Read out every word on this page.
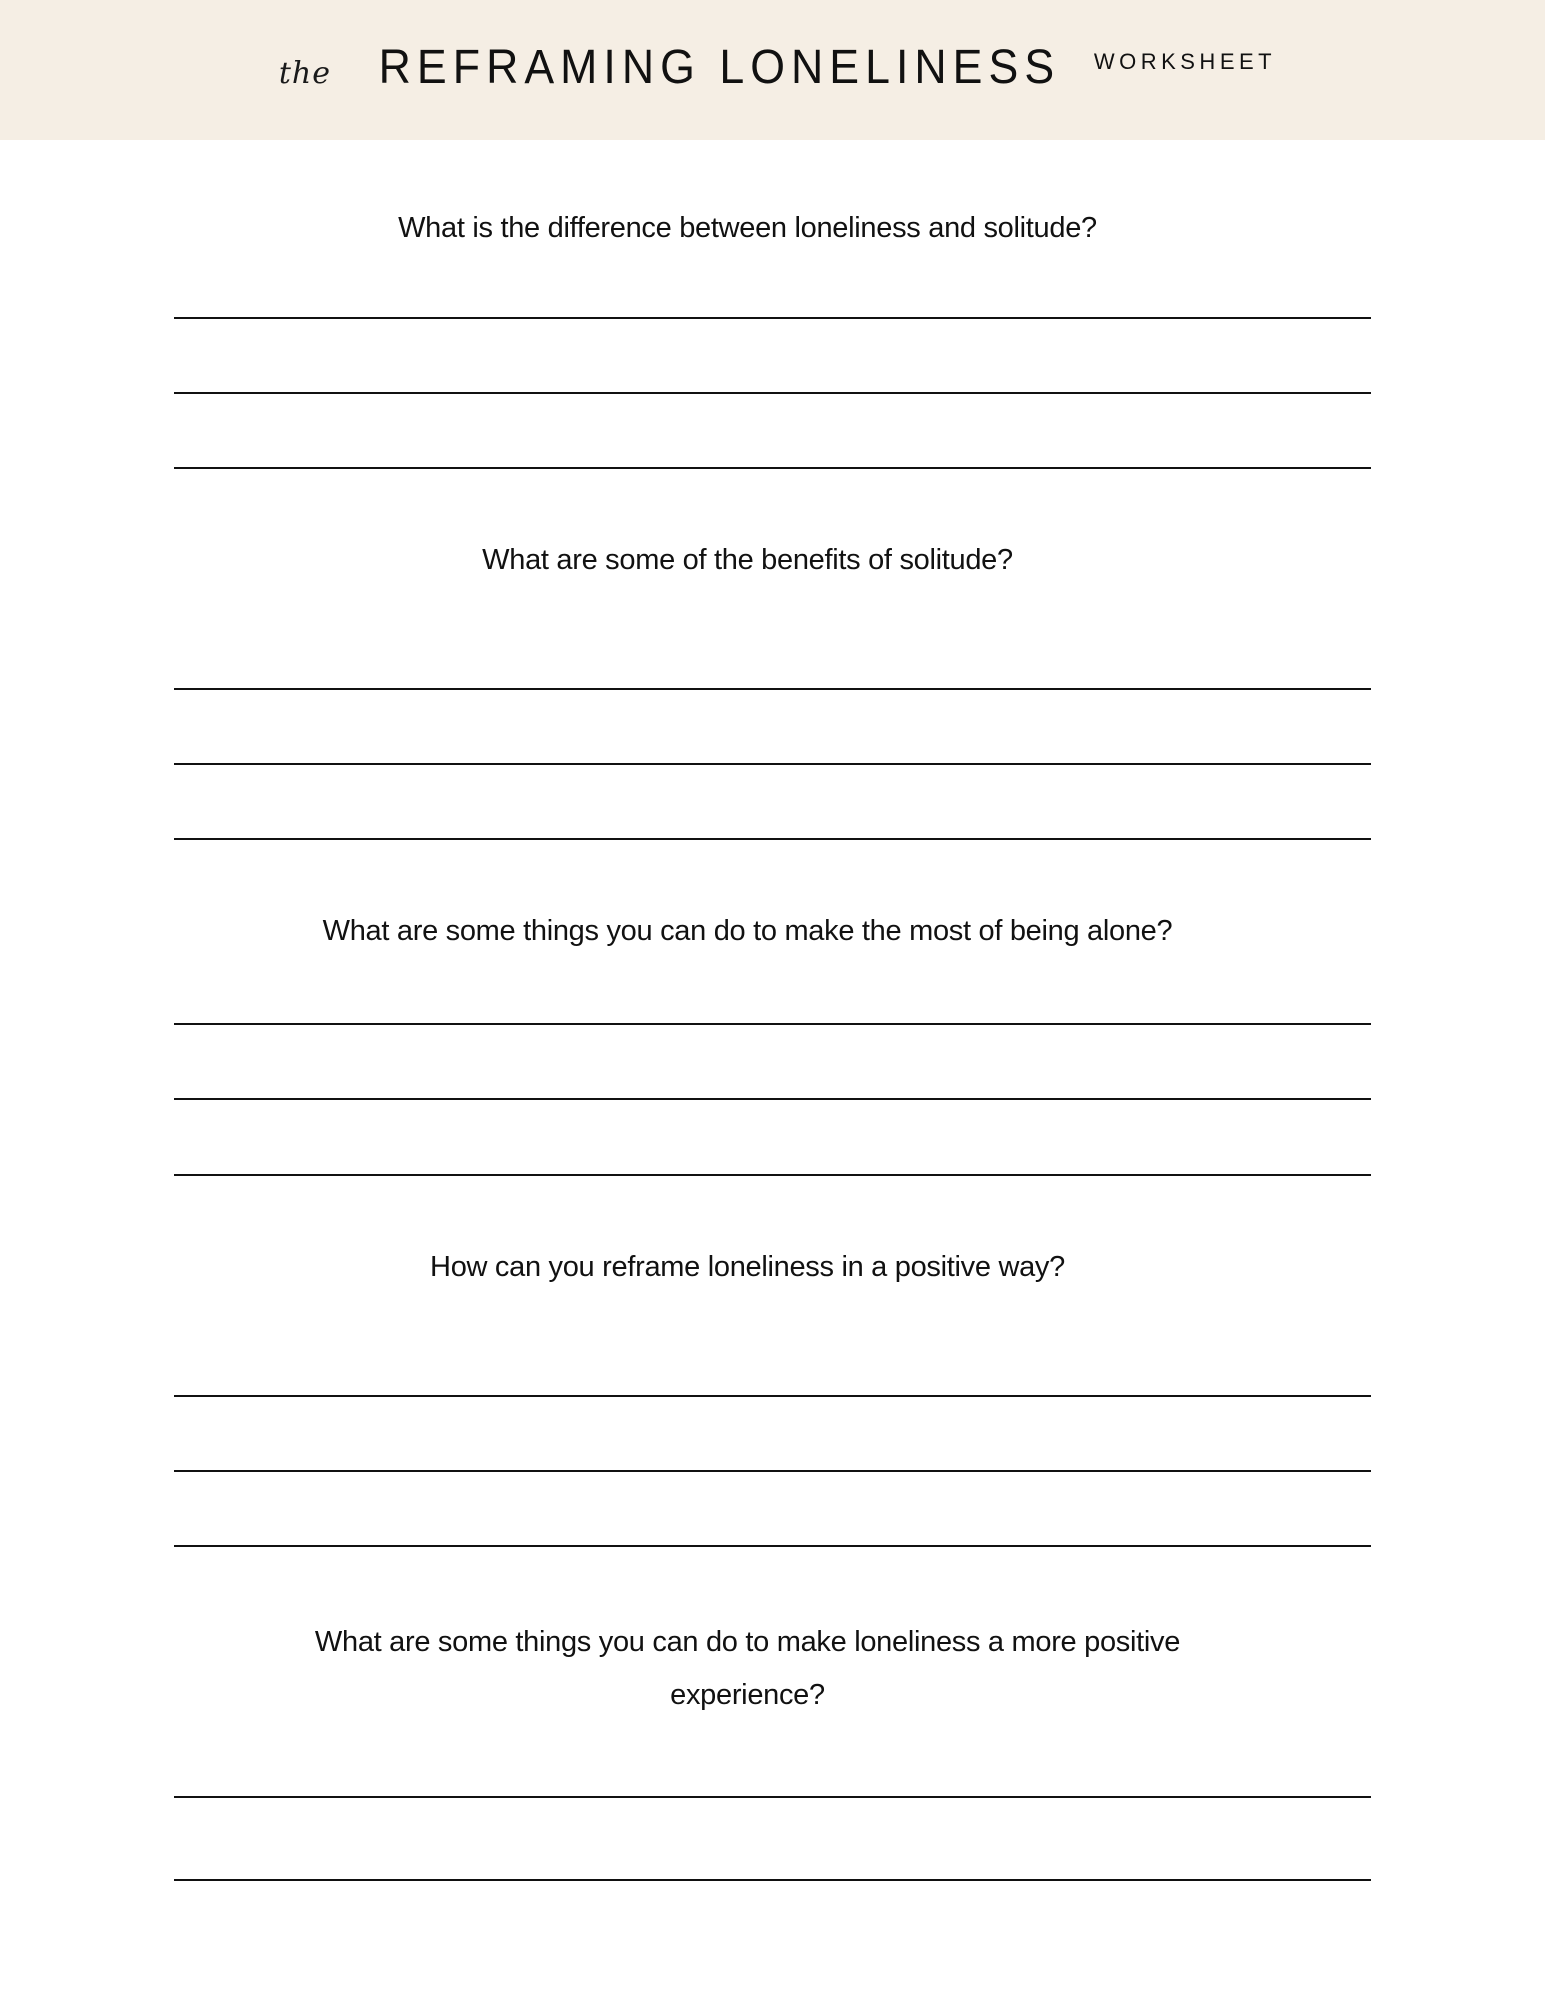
the REFRAMING LONELINESS WORKSHEET
What is the difference between loneliness and solitude?
What are some of the benefits of solitude?
What are some things you can do to make the most of being alone?
How can you reframe loneliness in a positive way?
What are some things you can do to make loneliness a more positive
experience?
